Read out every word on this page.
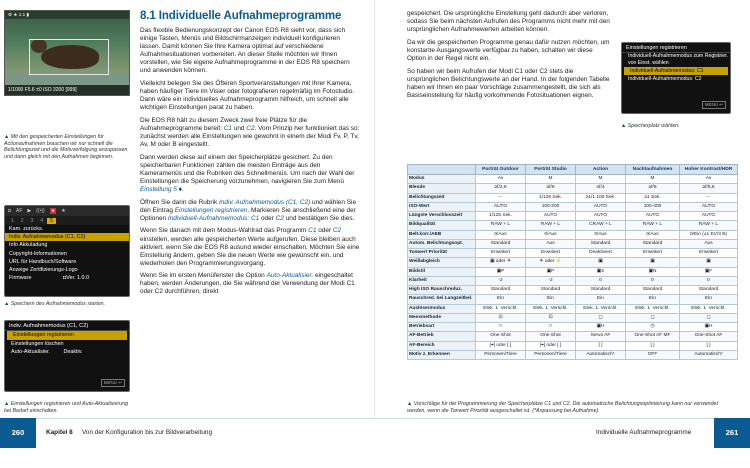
⚙ ★ 1:1 ▮
1/1000 F5.6 ±0 ISO 3200 [999]
▲ Mit den gespeicherten Einstellungen für Actionaufnahmen brauchen wir nur schnell die Belichtungszeit und die Motivverfolgung anzupassen und dann gleich mit den Aufnahmen beginnen.
◘ AF ▶ ((•))	♦	★
1	2	3	4	5
Kam. zurücks.
Indiv. Aufnahmemodus (C1, C2)
Info Akkuladung
Copyright-Informationen
URL für Handbuch/Software
Anzeige Zertifizierungs-Logo
Firmware	◘Ver. 1.0.0
▲ Speichern des Aufnahmemodus starten.
Indiv. Aufnahmemodus (C1, C2)
Einstellungen registrieren
Einstellungen löschen
Auto-Aktualisier.	Deaktiv.
MENU ↩
▲ Einstellungen registrieren und Auto-Aktualisierung bei Bedarf einschalten.
8.1 Individuelle Aufnahmeprogramme

Das flexible Bedienungskonzept der Canon EOS R8 sieht vor, dass sich einige Tasten, Menüs und Bildschirmanzeigen individuell konfigurieren lassen. Damit können Sie Ihre Kamera optimal auf verschiedene Aufnahmesituationen vorbereiten. An dieser Stelle möchten wir Ihnen vorstellen, wie Sie eigene Aufnahmeprogramme in der EOS R8 speichern und anwenden können.

Vielleicht belegen Sie des Öfteren Sportveranstaltungen mit Ihrer Kamera, haben häufiger Tiere im Visier oder fotografieren regelmäßig im Fotostudio. Dann wäre ein individuelles Aufnahmeprogramm hilfreich, um schnell alle wichtigen Einstellungen parat zu haben.

Die EOS R8 hält zu diesem Zweck zwei freie Plätze für die Aufnahmeprogramme bereit: C1 und C2. Vom Prinzip her funktioniert das so: zunächst werden alle Einstellungen wie gewohnt in einem der Modi Fv, P, Tv, Av, M oder B eingestellt.

Dann werden diese auf einem der Speicherplätze gesichert. Zu den speicherbaren Funktionen zählen die meisten Einträge aus den Kameramenüs und die Rubriken des Schnellmenüs. Um nach der Wahl der Einstellungen die Speicherung vorzunehmen, navigieren Sie zum Menü Einstellung 5 ♦.

Öffnen Sie darin die Rubrik Indiv. Aufnahmemodus (C1, C2) und wählen Sie den Eintrag Einstellungen registrieren. Markieren Sie anschließend eine der Optionen Individuell-Aufnahmemodus: C1 oder C2 und bestätigen Sie dies.

Wenn Sie danach mit dem Modus-Wahlrad das Programm C1 oder C2 einstellen, werden alle gespeicherten Werte aufgerufen. Diese bleiben auch aktiviert, wenn Sie die EOS R8 ausund wieder einschalten. Möchten Sie eine Einstellung ändern, geben Sie die neuen Werte wie gewünscht ein, und wiederholen den Programmierungsvorgang.

Wenn Sie im ersten Menüfenster die Option Auto-Aktualisier. eingeschaltet haben, werden Änderungen, die Sie während der Verwendung der Modi C1 oder C2 durchführen, direkt

260	Kapitel 8 Von der Konfiguration bis zur Bildverarbeitung

gespeichert. Die ursprüngliche Einstellung geht dadurch aber verloren, sodass Sie beim nächsten Aufrufen des Programms nicht mehr mit den ursprünglichen Aufnahmewerten arbeiten können.

Da wir die gespeicherten Programme genau dafür nutzen möchten, um konstante Ausgangswerte verfügbar zu haben, schalten wir diese Option in der Regel nicht ein.

So haben wir beim Aufrufen der Modi C1 oder C2 stets die ursprünglichen Belichtungswerte an der Hand. In der folgenden Tabelle haben wir Ihnen ein paar Vorschläge zusammengestellt, die sich als Basiseinstellung für häufig vorkommende Fotosituationen eignen.

Einstellungen registrieren
Individuell-Aufnahmemodus zum Registrier. von Einst. wählen
Individuell-Aufnahmemodus: C1
Individuell-Aufnahmemodus: C2
MENU ↩
▲ Speicherplatz wählen.
	Porträt Outdoor	Porträt Studio	Action	Nachtaufnahmen	Hoher Kontrast/HDR
Modus	Av	M	M	M	Av
Blende	≥f/2,8	≥f/8	≥f/4	≥f/8	≥f/5,6
Belichtungszeit	–	1/125 Sek.	≥1/1.100 Sek.	≥1 Sek.	–
ISO-Wert	AUTO	100-200	AUTO	100-400	AUTO
Längste Verschlusszeit	1/125 Sek.	AUTO	AUTO	AUTO	AUTO
Bildqualität	RAW + L	RAW + L	CRAW + L	RAW + L	RAW + L
Belt.korr./AEB	0/Aus	0/Aus	0/Aus	0/Aus	0/Ein (±1 EV/3 B)
Autom. Belichtungsopt.	Standard	Aus	Standard	Standard	Aus
Tonwert Priorität	Erweitert	Erweitert	Deaktiviert	Erweitert	Erweitert
Weißabgleich	▣ oder ☀	☀ oder ⚡	▣	▣	▣
Bildstil	▣P	▣P	▣S	▣N	▣F
Klarheit	-2	-2	0	0	0
High ISO Rauschreduz.	Standard	Standard	Standard	Standard	Standard
Rauschred. bei Langzeitbel.	Ein	Ein	Ein	Ein	Ein
Auslösermodus	Elek. 1. Verschl.	Elek. 1. Verschl.	Elek. 1. Verschl.	Elek. 1. Verschl.	Elek. 1. Verschl.
Messmethode	⊡	⊡	◻	◻	◻
Betriebsart	□	□	▣H	◷	▣H
AF-Betrieb	One-Shot	One-Shot	Servo AF	One-Shot AF MF	One-Shot AF
AF-Bereich	[⌖] oder [ ]	[⌖] oder [ ]	[ ]	[ ]	[ ]
Motiv z. Erkennen	Personen/Tiere	Personen/Tiere	Automatisch*	OFF	Automatisch*
▲ Vorschläge für die Programmierung der Speicherplätze C1 und C2. Die automatische Belichtungsoptimierung kann nur verwendet werden, wenn die Tonwert Priorität ausgeschaltet ist. (*Anpassung bei Aufnahme)
Individuelle Aufnahmeprogramme	261
